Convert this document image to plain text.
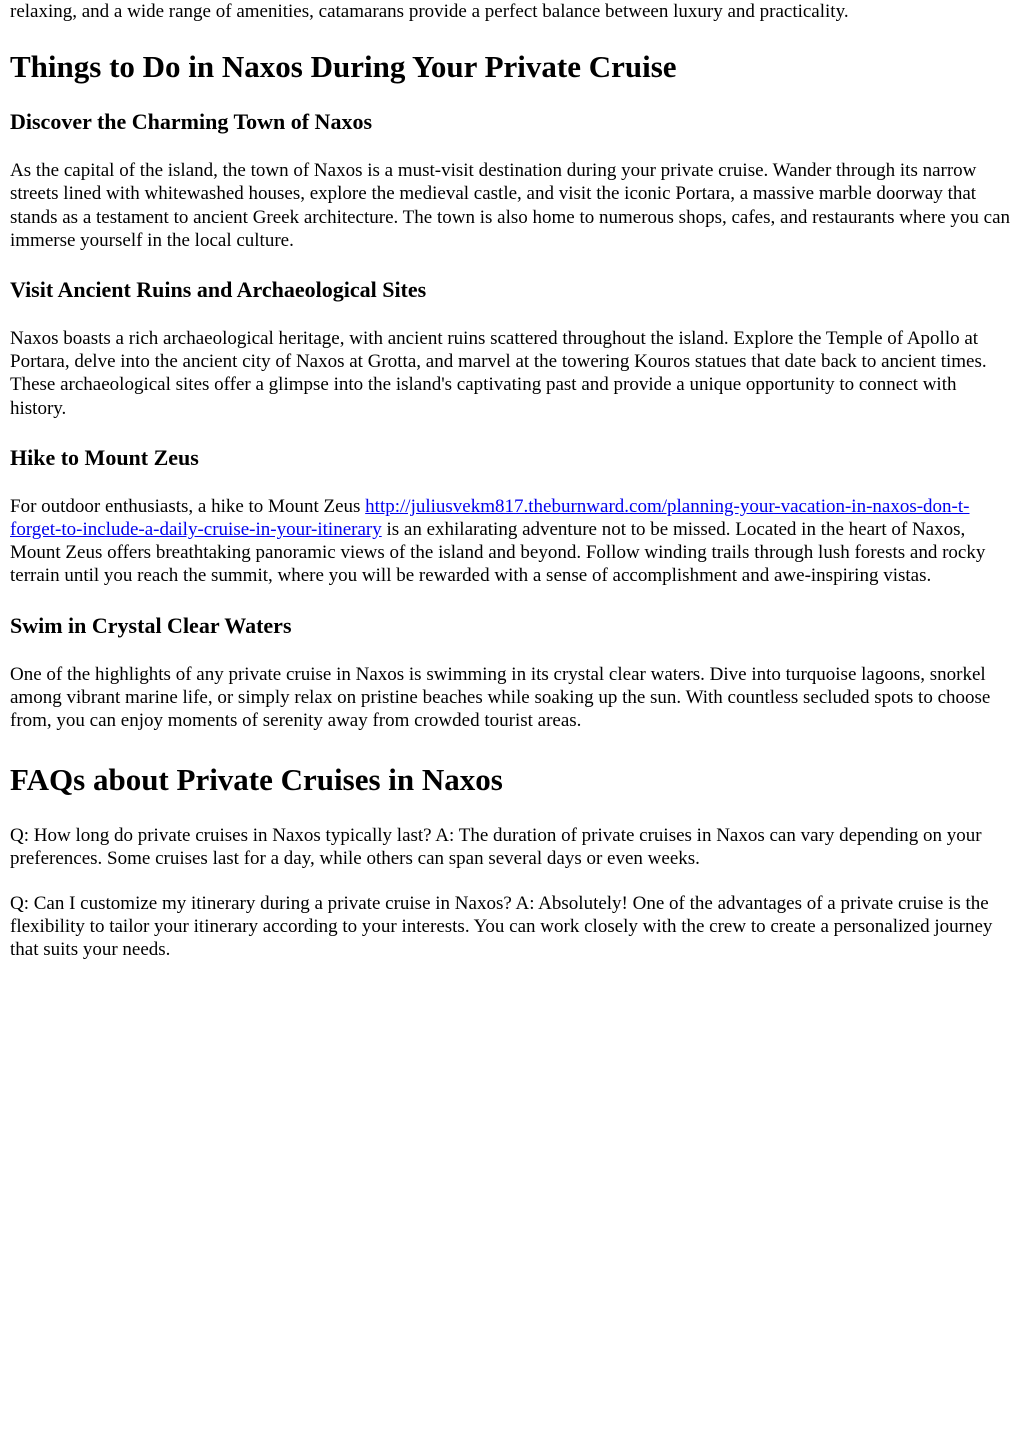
relaxing, and a wide range of amenities, catamarans provide a perfect balance between luxury and practicality.

Things to Do in Naxos During Your Private Cruise
Discover the Charming Town of Naxos

As the capital of the island, the town of Naxos is a must-visit destination during your private cruise. Wander through its narrow streets lined with whitewashed houses, explore the medieval castle, and visit the iconic Portara, a massive marble doorway that stands as a testament to ancient Greek architecture. The town is also home to numerous shops, cafes, and restaurants where you can immerse yourself in the local culture.

Visit Ancient Ruins and Archaeological Sites

Naxos boasts a rich archaeological heritage, with ancient ruins scattered throughout the island. Explore the Temple of Apollo at Portara, delve into the ancient city of Naxos at Grotta, and marvel at the towering Kouros statues that date back to ancient times. These archaeological sites offer a glimpse into the island's captivating past and provide a unique opportunity to connect with history.

Hike to Mount Zeus

For outdoor enthusiasts, a hike to Mount Zeus http://juliusvekm817.theburnward.com/planning-your-vacation-in-naxos-don-t-forget-to-include-a-daily-cruise-in-your-itinerary is an exhilarating adventure not to be missed. Located in the heart of Naxos, Mount Zeus offers breathtaking panoramic views of the island and beyond. Follow winding trails through lush forests and rocky terrain until you reach the summit, where you will be rewarded with a sense of accomplishment and awe-inspiring vistas.

Swim in Crystal Clear Waters

One of the highlights of any private cruise in Naxos is swimming in its crystal clear waters. Dive into turquoise lagoons, snorkel among vibrant marine life, or simply relax on pristine beaches while soaking up the sun. With countless secluded spots to choose from, you can enjoy moments of serenity away from crowded tourist areas.

FAQs about Private Cruises in Naxos

Q: How long do private cruises in Naxos typically last? A: The duration of private cruises in Naxos can vary depending on your preferences. Some cruises last for a day, while others can span several days or even weeks.

Q: Can I customize my itinerary during a private cruise in Naxos? A: Absolutely! One of the advantages of a private cruise is the flexibility to tailor your itinerary according to your interests. You can work closely with the crew to create a personalized journey that suits your needs.
